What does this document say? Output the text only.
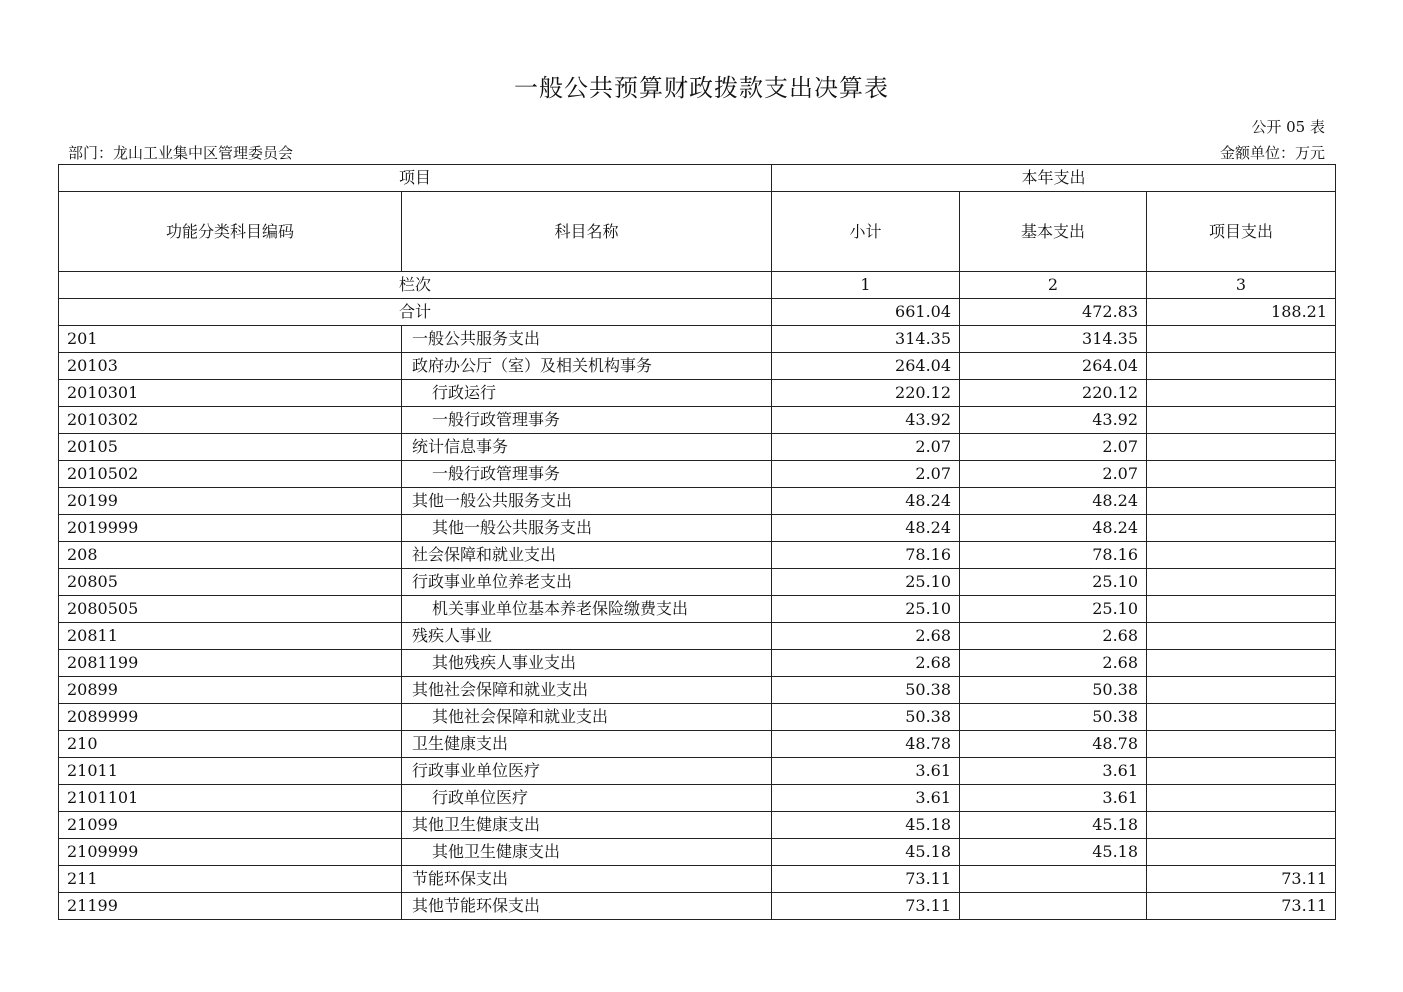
一般公共预算财政拨款支出决算表
公开 05 表
部门：龙山工业集中区管理委员会	金额单位：万元
项目		本年支出		
功能分类科目编码	科目名称	小计	基本支出	项目支出
栏次		1	2	3
合计		661.04	472.83	188.21
201	一般公共服务支出	314.35	314.35	
20103	政府办公厅（室）及相关机构事务	264.04	264.04	
2010301	行政运行	220.12	220.12	
2010302	一般行政管理事务	43.92	43.92	
20105	统计信息事务	2.07	2.07	
2010502	一般行政管理事务	2.07	2.07	
20199	其他一般公共服务支出	48.24	48.24	
2019999	其他一般公共服务支出	48.24	48.24	
208	社会保障和就业支出	78.16	78.16	
20805	行政事业单位养老支出	25.10	25.10	
2080505	机关事业单位基本养老保险缴费支出	25.10	25.10	
20811	残疾人事业	2.68	2.68	
2081199	其他残疾人事业支出	2.68	2.68	
20899	其他社会保障和就业支出	50.38	50.38	
2089999	其他社会保障和就业支出	50.38	50.38	
210	卫生健康支出	48.78	48.78	
21011	行政事业单位医疗	3.61	3.61	
2101101	行政单位医疗	3.61	3.61	
21099	其他卫生健康支出	45.18	45.18	
2109999	其他卫生健康支出	45.18	45.18	
211	节能环保支出	73.11		73.11
21199	其他节能环保支出	73.11		73.11
